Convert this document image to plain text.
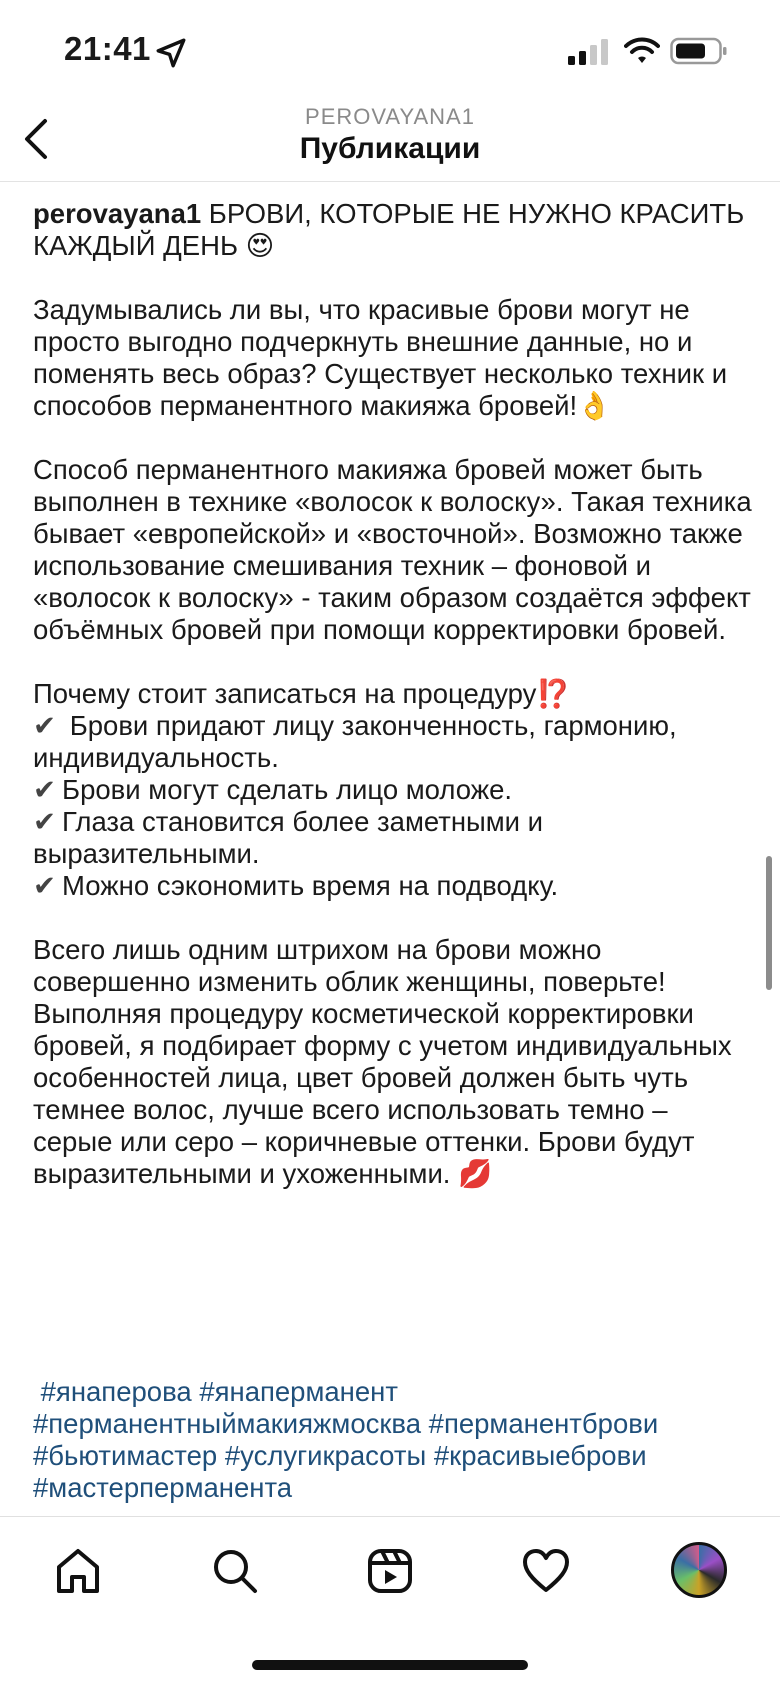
21:41
PEROVAYANA1
Публикации

perovayana1 БРОВИ, КОТОРЫЕ НЕ НУЖНО КРАСИТЬ КАЖДЫЙ ДЕНЬ 😍

Задумывались ли вы, что красивые брови могут не просто выгодно подчеркнуть внешние данные, но и поменять весь образ? Существует несколько техник и способов перманентного макияжа бровей!👌

Способ перманентного макияжа бровей может быть выполнен в технике «волосок к волоску». Такая техника бывает «европейской» и «восточной». Возможно также использование смешивания техник – фоновой и «волосок к волоску» - таким образом создаётся эффект объёмных бровей при помощи корректировки бровей.

Почему стоит записаться на процедуру⁉️

✔ Брови придают лицу законченность, гармонию, индивидуальность.

✔ Брови могут сделать лицо моложе.

✔ Глаза становится более заметными и выразительными.

✔ Можно сэкономить время на подводку.

Всего лишь одним штрихом на брови можно совершенно изменить облик женщины, поверьте! Выполняя процедуру косметической корректировки бровей, я подбирает форму с учетом индивидуальных особенностей лица, цвет бровей должен быть чуть темнее волос, лучше всего использовать темно – серые или серо – коричневые оттенки. Брови будут выразительными и ухоженными. 💋

#янаперова #янаперманент
#перманентныймакияжмосква #перманентброви
#бьютимастер #услугикрасоты #красивыеброви
#мастерперманента
